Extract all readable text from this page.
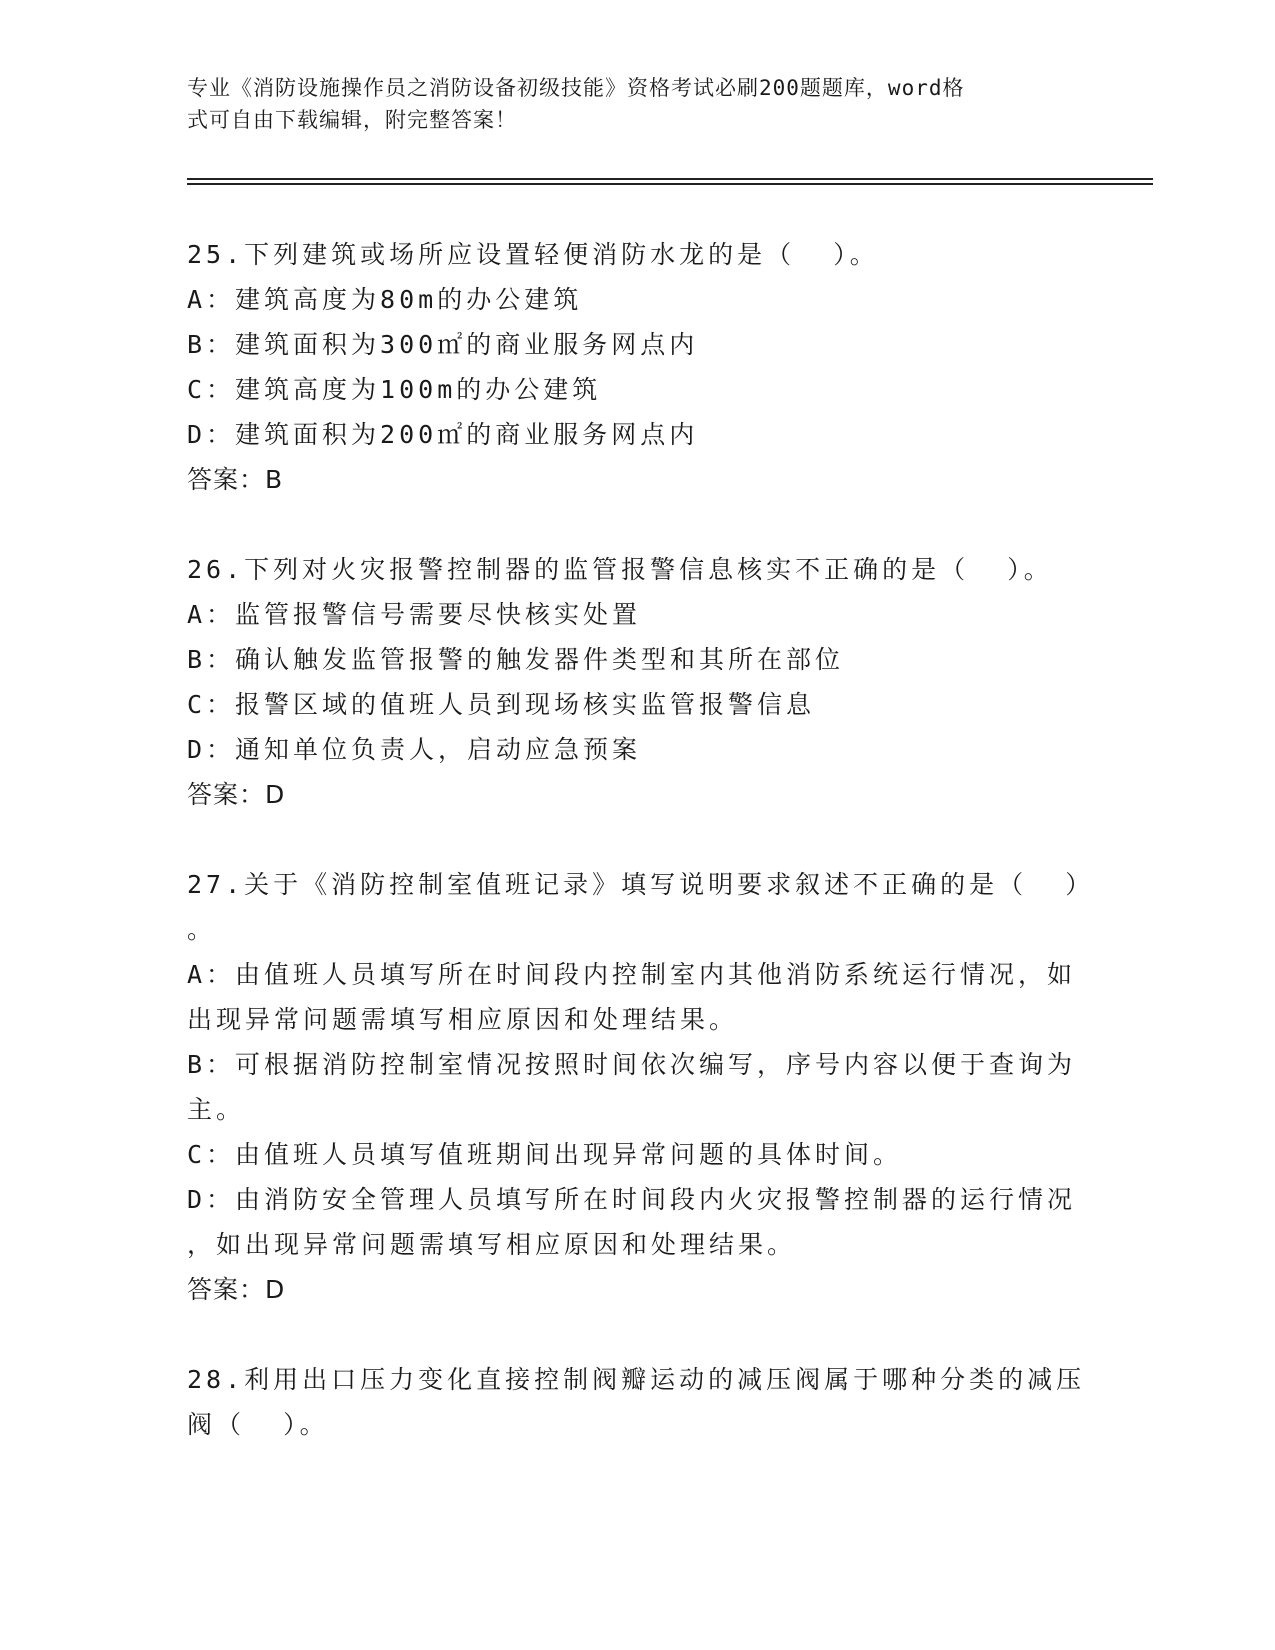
专业《消防设施操作员之消防设备初级技能》资格考试必刷200题题库，word格
式可自由下载编辑，附完整答案！
25.下列建筑或场所应设置轻便消防水龙的是（  ）。
A：建筑高度为80m的办公建筑
B：建筑面积为300㎡的商业服务网点内
C：建筑高度为100m的办公建筑
D：建筑面积为200㎡的商业服务网点内
答案：B
26.下列对火灾报警控制器的监管报警信息核实不正确的是（  ）。
A：监管报警信号需要尽快核实处置
B：确认触发监管报警的触发器件类型和其所在部位
C：报警区域的值班人员到现场核实监管报警信息
D：通知单位负责人，启动应急预案
答案：D
27.关于《消防控制室值班记录》填写说明要求叙述不正确的是（  ）
。
A：由值班人员填写所在时间段内控制室内其他消防系统运行情况，如
出现异常问题需填写相应原因和处理结果。
B：可根据消防控制室情况按照时间依次编写，序号内容以便于查询为
主。
C：由值班人员填写值班期间出现异常问题的具体时间。
D：由消防安全管理人员填写所在时间段内火灾报警控制器的运行情况
，如出现异常问题需填写相应原因和处理结果。
答案：D
28.利用出口压力变化直接控制阀瓣运动的减压阀属于哪种分类的减压
阀（  ）。
